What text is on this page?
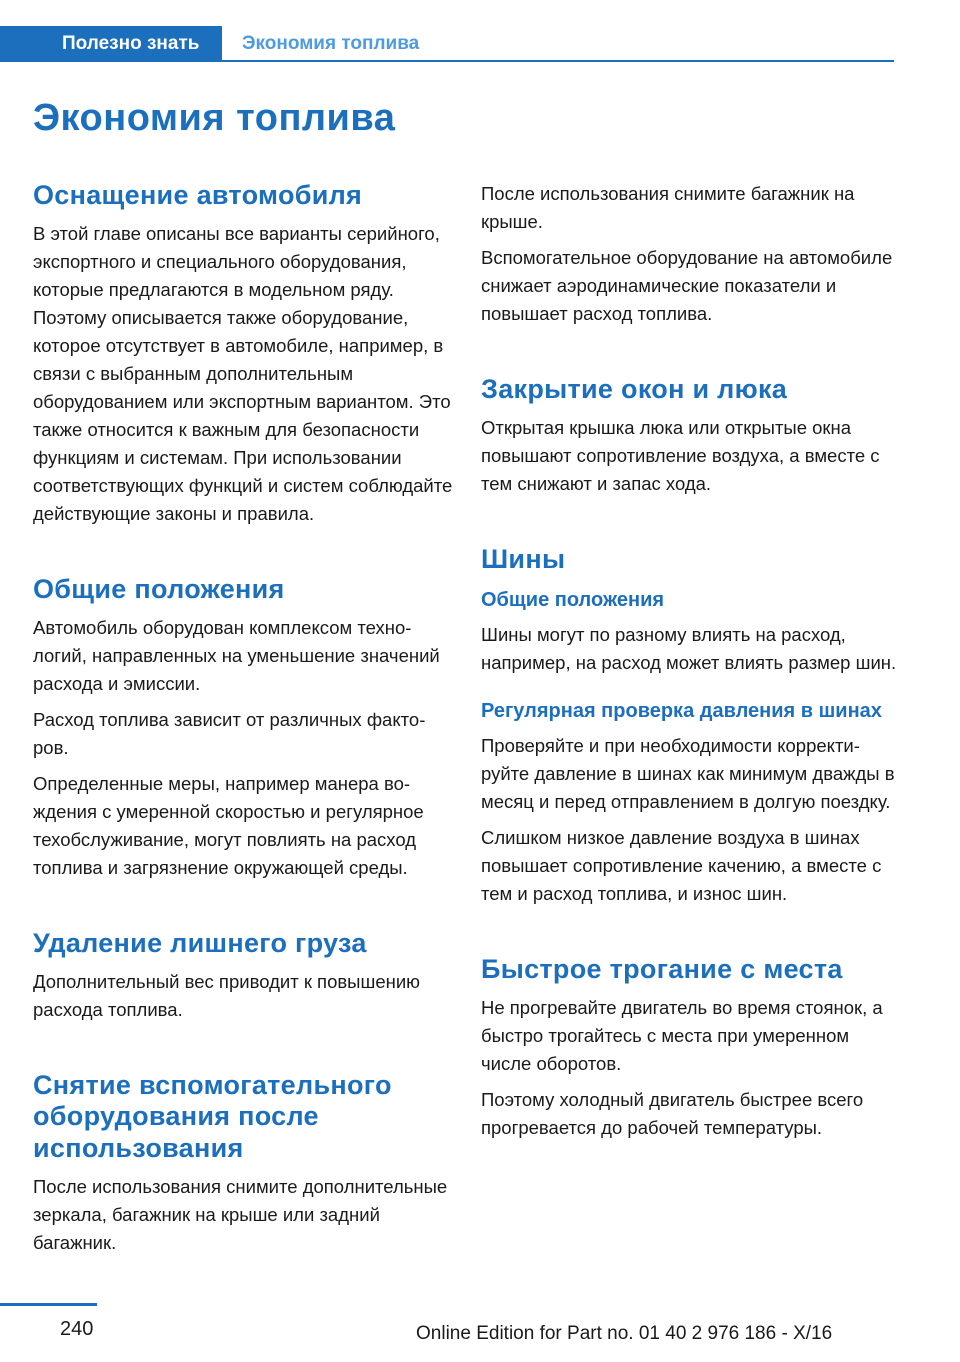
Полезно знать Экономия топлива
Экономия топлива
Оснащение автомобиля

В этой главе описаны все варианты серийного, экспортного и специального оборудования, которые предлагаются в модельном ряду. Поэтому описывается также оборудование, которое отсутствует в автомобиле, например, в связи с выбранным дополнительным оборудованием или экспортным вариантом. Это также относится к важным для безопасности функциям и системам. При использовании соответствующих функций и систем соблюдайте действующие законы и правила.

Общие положения

Автомобиль оборудован комплексом технологий, направленных на уменьшение значений расхода и эмиссии.

Расход топлива зависит от различных факторов.

Определенные меры, например манера вождения с умеренной скоростью и регулярное техобслуживание, могут повлиять на расход топлива и загрязнение окружающей среды.

Удаление лишнего груза

Дополнительный вес приводит к повышению расхода топлива.

Снятие вспомогательного оборудования после использования

После использования снимите дополнительные зеркала, багажник на крыше или задний багажник.

После использования снимите багажник на крыше.

Вспомогательное оборудование на автомобиле снижает аэродинамические показатели и повышает расход топлива.

Закрытие окон и люка

Открытая крышка люка или открытые окна повышают сопротивление воздуха, а вместе с тем снижают и запас хода.

Шины
Общие положения

Шины могут по разному влиять на расход, например, на расход может влиять размер шин.

Регулярная проверка давления в шинах

Проверяйте и при необходимости корректируйте давление в шинах как минимум дважды в месяц и перед отправлением в долгую поездку.

Слишком низкое давление воздуха в шинах повышает сопротивление качению, а вместе с тем и расход топлива, и износ шин.

Быстрое трогание с места

Не прогревайте двигатель во время стоянок, а быстро трогайтесь с места при умеренном числе оборотов.

Поэтому холодный двигатель быстрее всего прогревается до рабочей температуры.

240	Online Edition for Part no. 01 40 2 976 186 - X/16
